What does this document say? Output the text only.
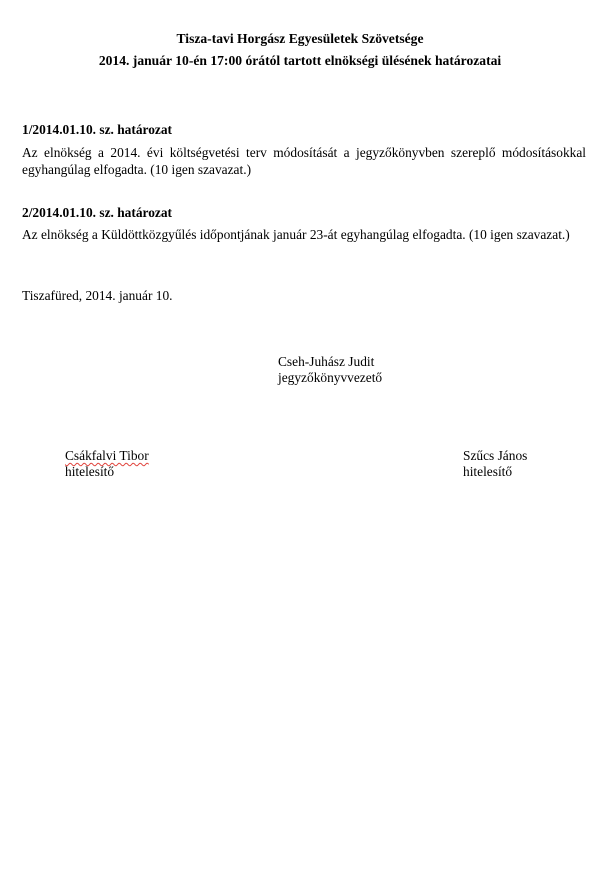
Tisza-tavi Horgász Egyesületek Szövetsége
2014. január 10-én 17:00 órától tartott elnökségi ülésének határozatai
1/2014.01.10. sz. határozat
Az elnökség a 2014. évi költségvetési terv módosítását a jegyzőkönyvben szereplő módosításokkal egyhangúlag elfogadta. (10 igen szavazat.)
2/2014.01.10. sz. határozat
Az elnökség a Küldöttközgyűlés időpontjának január 23-át egyhangúlag elfogadta. (10 igen szavazat.)
Tiszafüred, 2014. január 10.
Cseh-Juhász Judit
jegyzőkönyvvezető
Csákfalvi Tibor
hitelesítő
Szűcs János
hitelesítő
